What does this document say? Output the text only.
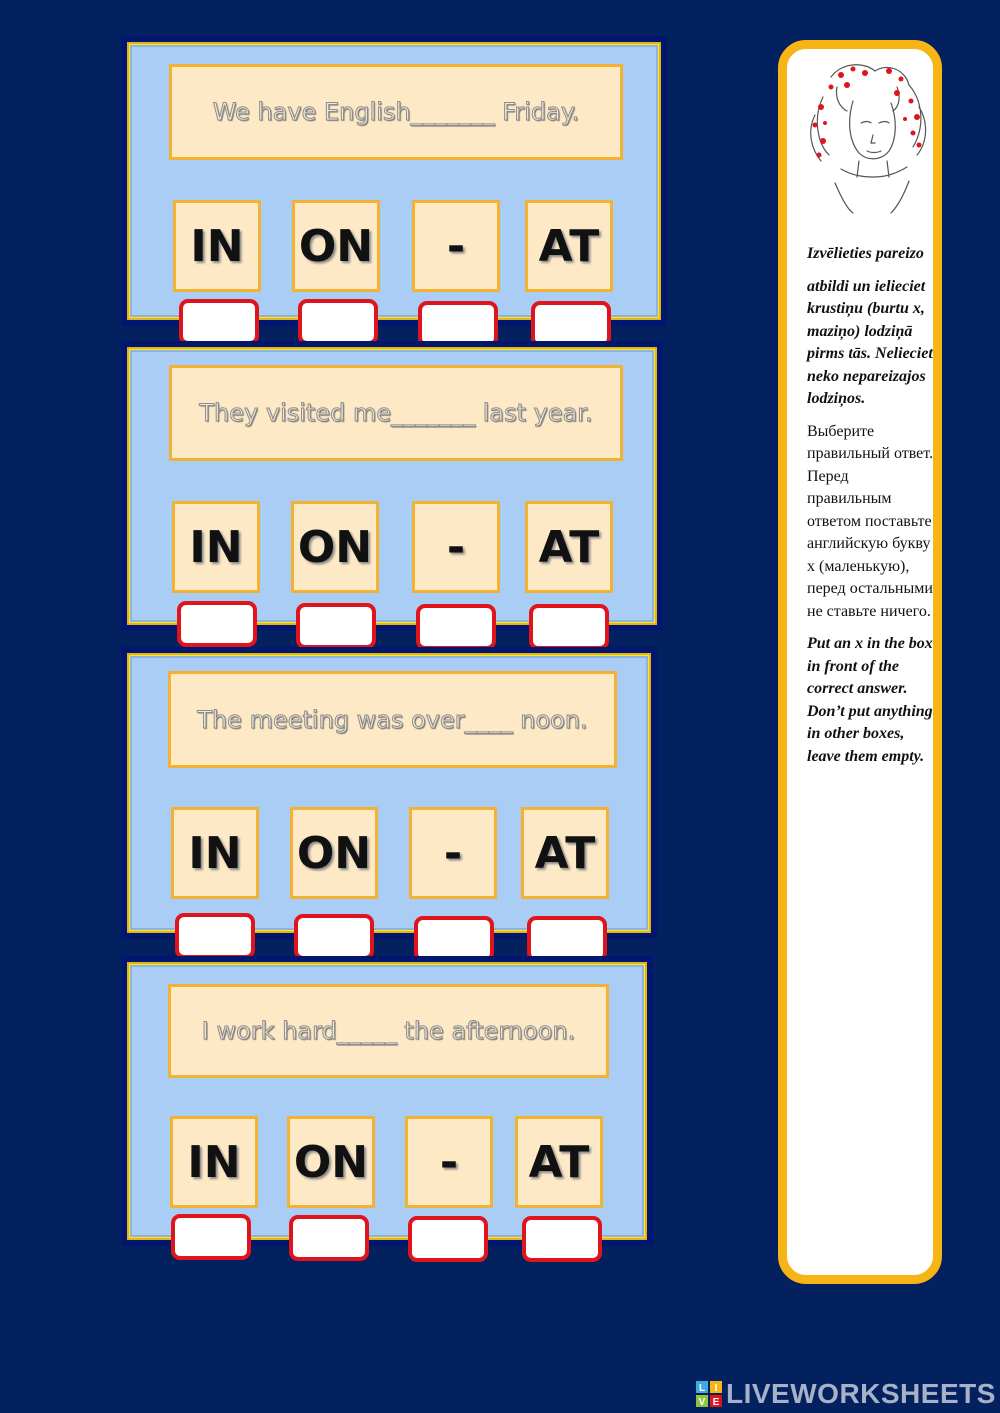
We have English_______ Friday.
IN	ON	-	AT
They visited me_______ last year.
IN	ON	-	AT
The meeting was over____ noon.
IN	ON	-	AT
I work hard_____ the afternoon.
IN	ON	-	AT

Izvēlieties pareizo

atbildi un ielieciet krustiņu (burtu x, maziņo) lodziņā pirms tās. Nelieciet neko nepareizajos lodziņos.

Выберите правильный ответ. Перед правильным ответом поставьте английскую букву x (маленькую), перед остальными не ставьте ничего.

Put an x in the box in front of the correct answer. Don’t put anything in other boxes, leave them empty.

L I
V E LIVEWORKSHEETS
